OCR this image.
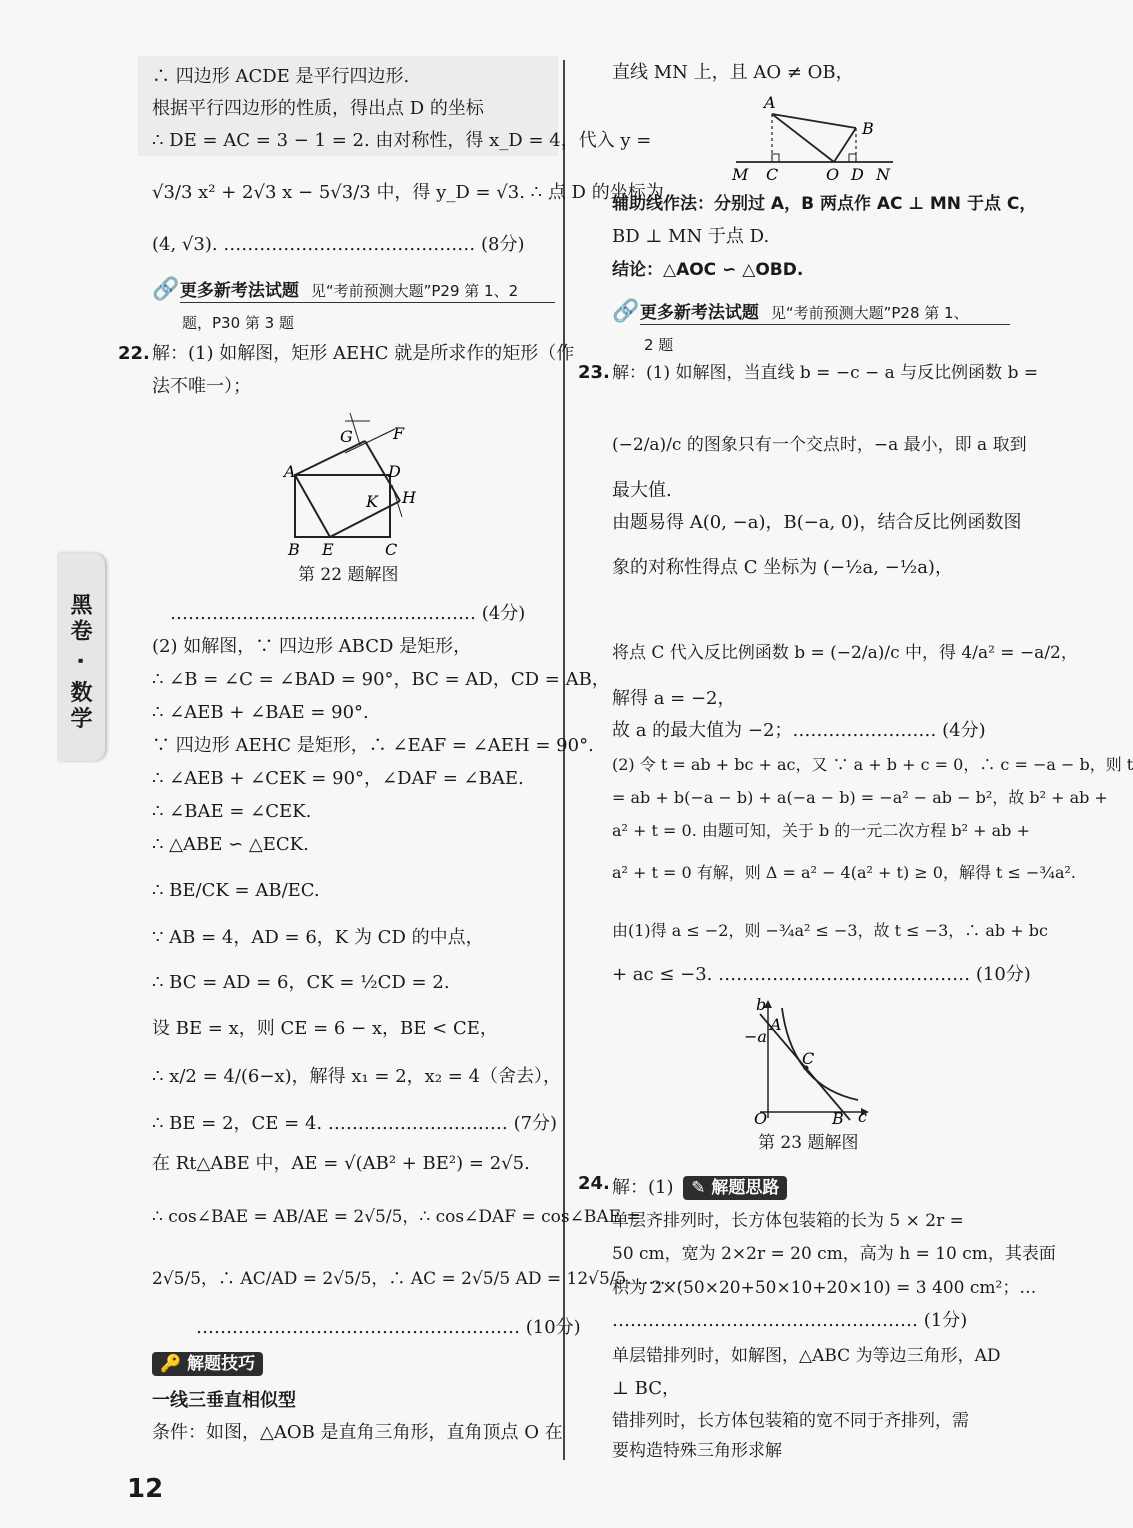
黑卷 · 数学
∴ 四边形 ACDE 是平行四边形.
根据平行四边形的性质，得出点 D 的坐标
∴ DE = AC = 3 − 1 = 2. 由对称性，得 x_D = 4，代入 y =
√3/3 x² + 2√3 x − 5√3/3 中，得 y_D = √3. ∴ 点 D 的坐标为
(4, √3). …………………………………… (8分)
🔗 更多新考法试题 见“考前预测大题”P29 第 1、2
题，P30 第 3 题
22. 解：(1) 如解图，矩形 AEHC 就是所求作的矩形（作
法不唯一）；
G	F
A	D
K H
B E	C
第 22 题解图
…………………………………………… (4分)
(2) 如解图，∵ 四边形 ABCD 是矩形，
∴ ∠B = ∠C = ∠BAD = 90°，BC = AD，CD = AB，
∴ ∠AEB + ∠BAE = 90°.
∵ 四边形 AEHC 是矩形，∴ ∠EAF = ∠AEH = 90°.
∴ ∠AEB + ∠CEK = 90°，∠DAF = ∠BAE.
∴ ∠BAE = ∠CEK.
∴ △ABE ∽ △ECK.
∴ BE/CK = AB/EC.
∵ AB = 4，AD = 6，K 为 CD 的中点，
∴ BC = AD = 6，CK = ½CD = 2.
设 BE = x，则 CE = 6 − x，BE < CE，
∴ x/2 = 4/(6−x)，解得 x₁ = 2，x₂ = 4（舍去），
∴ BE = 2，CE = 4. ………………………… (7分)
在 Rt△ABE 中，AE = √(AB² + BE²) = 2√5.
∴ cos∠BAE = AB/AE = 2√5/5，∴ cos∠DAF = cos∠BAE =
2√5/5，∴ AC/AD = 2√5/5，∴ AC = 2√5/5 AD = 12√5/5. ………
……………………………………………… (10分)
🔑 解题技巧
一线三垂直相似型
条件：如图，△AOB 是直角三角形，直角顶点 O 在
直线 MN 上，且 AO ≠ OB，
A
B
M C	O D N
辅助线作法：分别过 A，B 两点作 AC ⊥ MN 于点 C，
BD ⊥ MN 于点 D.
结论：△AOC ∽ △OBD.
🔗 更多新考法试题 见“考前预测大题”P28 第 1、
2 题
23. 解：(1) 如解图，当直线 b = −c − a 与反比例函数 b =
(−2/a)/c 的图象只有一个交点时，−a 最小，即 a 取到
最大值.
由题易得 A(0, −a)，B(−a, 0)，结合反比例函数图
象的对称性得点 C 坐标为 (−½a, −½a)，
将点 C 代入反比例函数 b = (−2/a)/c 中，得 4/a² = −a/2，
解得 a = −2，
故 a 的最大值为 −2；…………………… (4分)
(2) 令 t = ab + bc + ac，又 ∵ a + b + c = 0，∴ c = −a − b，则 t
= ab + b(−a − b) + a(−a − b) = −a² − ab − b²，故 b² + ab +
a² + t = 0. 由题可知，关于 b 的一元二次方程 b² + ab +
a² + t = 0 有解，则 Δ = a² − 4(a² + t) ≥ 0，解得 t ≤ −¾a².
由(1)得 a ≤ −2，则 −¾a² ≤ −3，故 t ≤ −3，∴ ab + bc
+ ac ≤ −3. …………………………………… (10分)
b
A
−a
C
O	B c
第 23 题解图
24. 解：(1) ✎ 解题思路
单层齐排列时，长方体包装箱的长为 5 × 2r =
50 cm，宽为 2×2r = 20 cm，高为 h = 10 cm，其表面
积为 2×(50×20+50×10+20×10) = 3 400 cm²；…
…………………………………………… (1分)
单层错排列时，如解图，△ABC 为等边三角形，AD
⊥ BC，
错排列时，长方体包装箱的宽不同于齐排列，需
要构造特殊三角形求解
12
